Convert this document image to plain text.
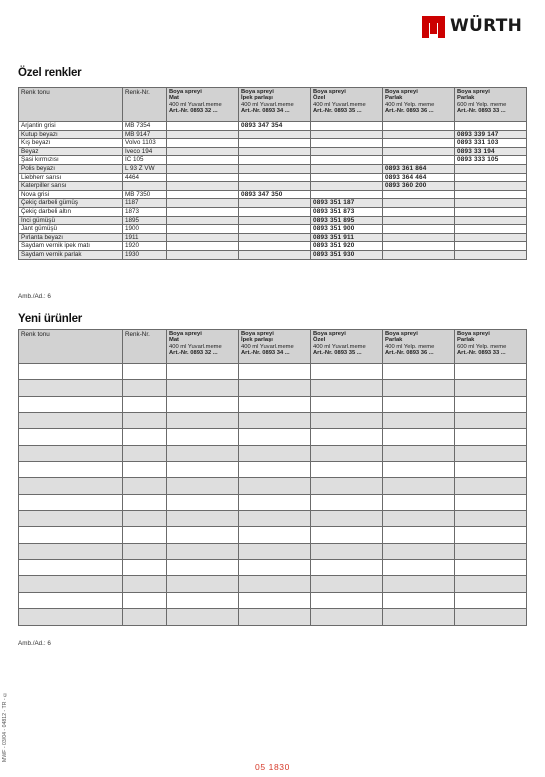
WÜRTH
Özel renkler
Renk tonu	Renk-Nr.	Boya spreyi
Mat
400 ml Yuvarl.meme
Art.-Nr. 0893 32 ...	Boya spreyi
İpek parlaşı
400 ml Yuvarl.meme
Art.-Nr. 0893 34 ...	Boya spreyi
Özel
400 ml Yuvarl.meme
Art.-Nr. 0893 35 ...	Boya spreyi
Parlak
400 ml Yelp. meme
Art.-Nr. 0893 36 ...	Boya spreyi
Parlak
600 ml Yelp. meme
Art.-Nr. 0893 33 ...

Arjantin grisi	MB 7354		0893 347 354			
Kutup beyazı	MB 9147					0893 339 147
Kış beyazı	Volvo 1103					0893 331 103
Beyaz	Iveco 194					0893 33 194
Şasi kırmızısı	IC 105					0893 333 105
Polis beyazı	L 93 Z VW				0893 361 864	
Liebherr sarısı	4464				0893 364 464	
Katerpiller sarısı					0893 360 200	
Nova grisi	MB 7350		0893 347 350			
Çekiç darbeli gümüş	1187			0893 351 187		
Çekiç darbeli altın	1873			0893 351 873		
İnci gümüşü	1895			0893 351 895		
Jant gümüşü	1900			0893 351 900		
Pırlanta beyazı	1911			0893 351 911		
Saydam vernik ipek matı	1920			0893 351 920		
Saydam vernik parlak	1930			0893 351 930		
Amb./Ad.: 6
Yeni ürünler
Renk tonu	Renk-Nr.	Boya spreyi
Mat
400 ml Yuvarl.meme
Art.-Nr. 0893 32 ...	Boya spreyi
İpek parlaşı
400 ml Yuvarl.meme
Art.-Nr. 0893 34 ...	Boya spreyi
Özel
400 ml Yuvarl.meme
Art.-Nr. 0893 35 ...	Boya spreyi
Parlak
400 ml Yelp. meme
Art.-Nr. 0893 36 ...	Boya spreyi
Parlak
600 ml Yelp. meme
Art.-Nr. 0893 33 ...

Amb./Ad.: 6
MWF - 03/04 - 04812 - TR - ©
05 1830
